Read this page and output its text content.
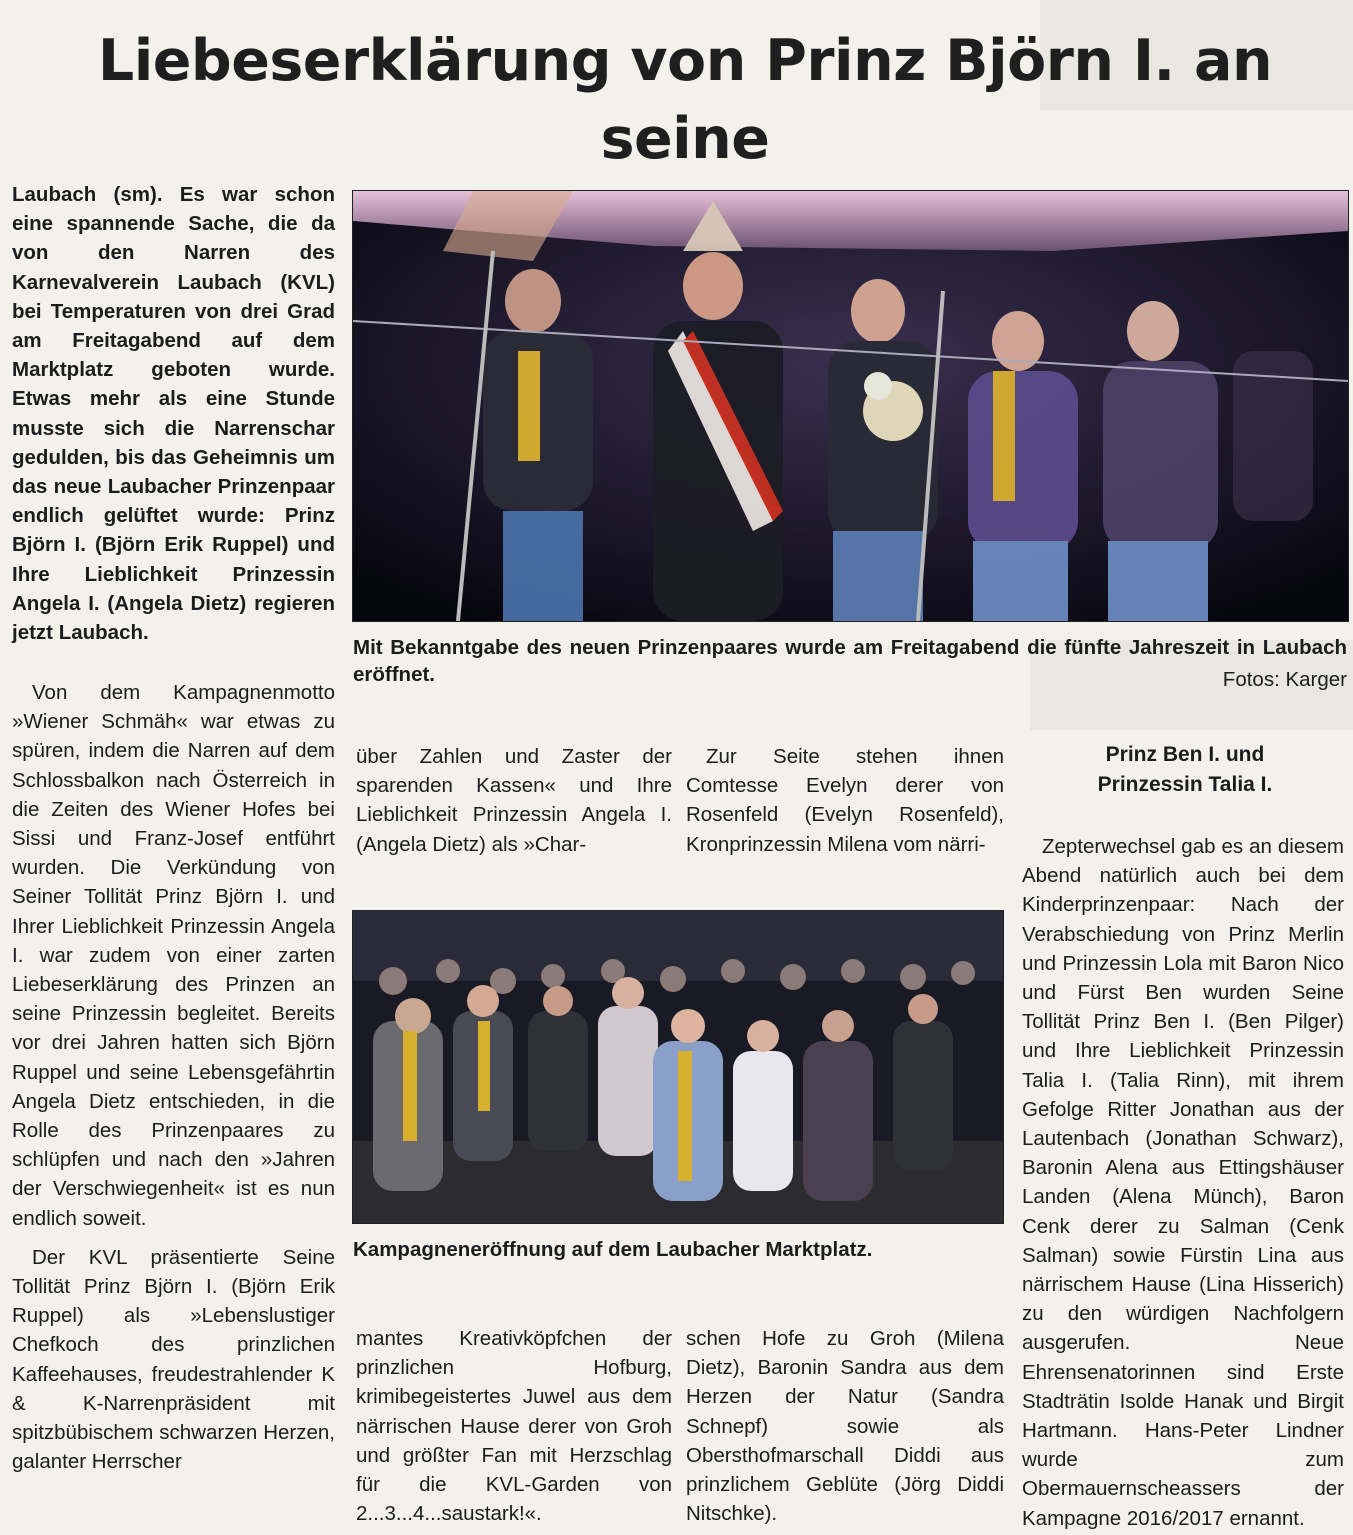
Liebeserklärung von Prinz Björn I. an seine

Laubach (sm). Es war schon eine spannende Sache, die da von den Narren des Karnevalverein Laubach (KVL) bei Temperaturen von drei Grad am Freitagabend auf dem Marktplatz geboten wurde. Etwas mehr als eine Stunde musste sich die Narrenschar gedulden, bis das Geheimnis um das neue Laubacher Prinzenpaar endlich gelüftet wurde: Prinz Björn I. (Björn Erik Ruppel) und Ihre Lieblichkeit Prinzessin Angela I. (Angela Dietz) regieren jetzt Laubach.

Von dem Kampagnenmotto »Wiener Schmäh« war etwas zu spüren, indem die Narren auf dem Schlossbalkon nach Österreich in die Zeiten des Wiener Hofes bei Sissi und Franz-Josef entführt wurden. Die Verkündung von Seiner Tollität Prinz Björn I. und Ihrer Lieblichkeit Prinzessin Angela I. war zudem von einer zarten Liebeserklärung des Prinzen an seine Prinzessin begleitet. Bereits vor drei Jahren hatten sich Björn Ruppel und seine Lebensgefährtin Angela Dietz entschieden, in die Rolle des Prinzenpaares zu schlüpfen und nach den »Jahren der Verschwiegenheit« ist es nun endlich soweit.

Der KVL präsentierte Seine Tollität Prinz Björn I. (Björn Erik Ruppel) als »Lebenslustiger Chefkoch des prinzlichen Kaffeehauses, freudestrahlender K & K-Narrenpräsident mit spitzbübischem schwarzen Herzen, galanter Herrscher

Mit Bekanntgabe des neuen Prinzenpaares wurde am Freitagabend die fünfte Jahreszeit in Laubach eröffnet.	Fotos: Karger

über Zahlen und Zaster der sparenden Kassen« und Ihre Lieblichkeit Prinzessin Angela I. (Angela Dietz) als »Char-

Zur Seite stehen ihnen Comtesse Evelyn derer von Rosenfeld (Evelyn Rosenfeld), Kronprinzessin Milena vom närri-

Kampagneneröffnung auf dem Laubacher Marktplatz.

mantes Kreativköpfchen der prinzlichen Hofburg, krimibegeistertes Juwel aus dem närrischen Hause derer von Groh und größter Fan mit Herzschlag für die KVL-Garden von 2...3...4...saustark!«.

schen Hofe zu Groh (Milena Dietz), Baronin Sandra aus dem Herzen der Natur (Sandra Schnepf) sowie als Obersthofmarschall Diddi aus prinzlichem Geblüte (Jörg Diddi Nitschke).

Prinz Ben I. und
Prinzessin Talia I.

Zepterwechsel gab es an diesem Abend natürlich auch bei dem Kinderprinzenpaar: Nach der Verabschiedung von Prinz Merlin und Prinzessin Lola mit Baron Nico und Fürst Ben wurden Seine Tollität Prinz Ben I. (Ben Pilger) und Ihre Lieblichkeit Prinzessin Talia I. (Talia Rinn), mit ihrem Gefolge Ritter Jonathan aus der Lautenbach (Jonathan Schwarz), Baronin Alena aus Ettingshäuser Landen (Alena Münch), Baron Cenk derer zu Salman (Cenk Salman) sowie Fürstin Lina aus närrischem Hause (Lina Hisserich) zu den würdigen Nachfolgern ausgerufen. Neue Ehrensenatorinnen sind Erste Stadträtin Isolde Hanak und Birgit Hartmann. Hans-Peter Lindner wurde zum Obermauernscheassers der Kampagne 2016/2017 ernannt.
